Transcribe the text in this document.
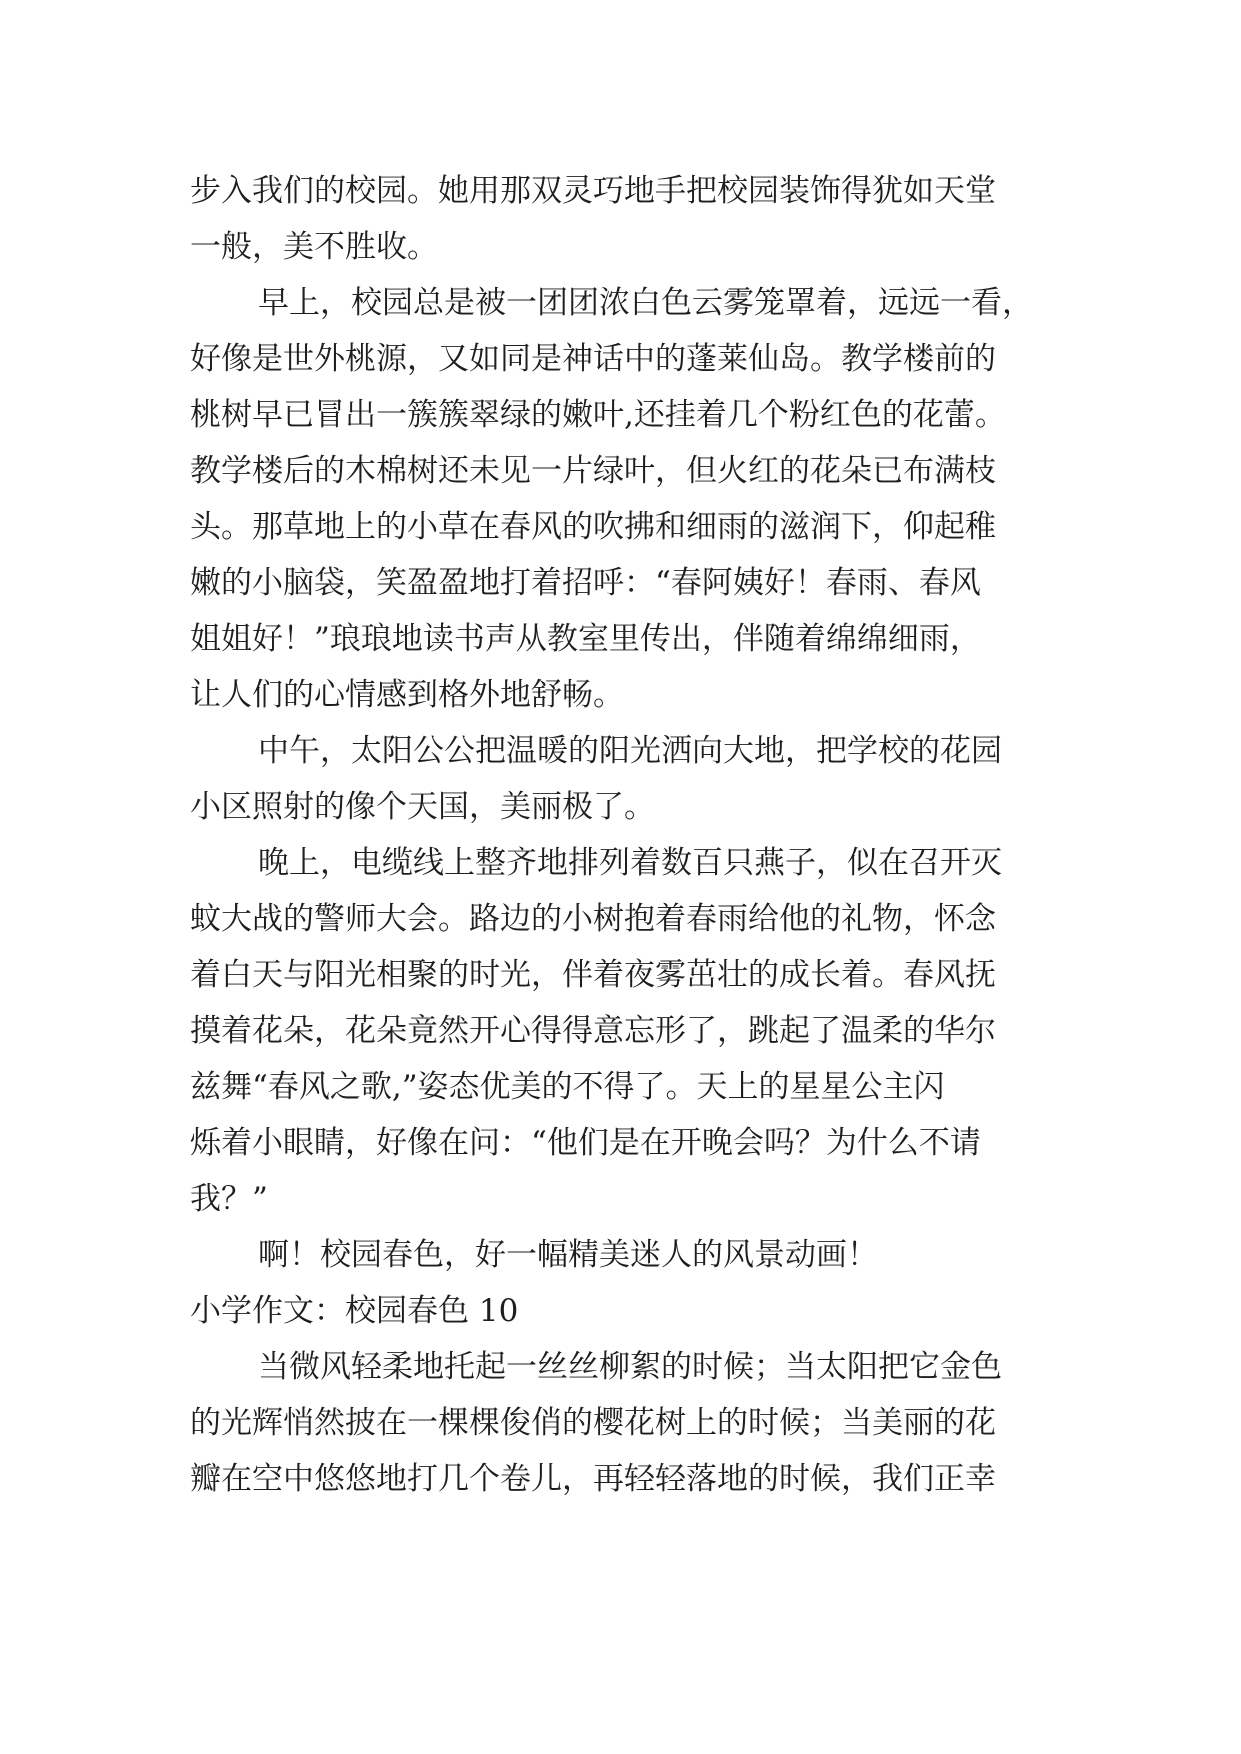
步入我们的校园。她用那双灵巧地手把校园装饰得犹如天堂
一般，美不胜收。
早上，校园总是被一团团浓白色云雾笼罩着，远远一看，
好像是世外桃源，又如同是神话中的蓬莱仙岛。教学楼前的
桃树早已冒出一簇簇翠绿的嫩叶,还挂着几个粉红色的花蕾。
教学楼后的木棉树还未见一片绿叶，但火红的花朵已布满枝
头。那草地上的小草在春风的吹拂和细雨的滋润下，仰起稚
嫩的小脑袋，笑盈盈地打着招呼：“春阿姨好！春雨、春风
姐姐好！”琅琅地读书声从教室里传出，伴随着绵绵细雨，
让人们的心情感到格外地舒畅。
中午，太阳公公把温暖的阳光洒向大地，把学校的花园
小区照射的像个天国，美丽极了。
晚上，电缆线上整齐地排列着数百只燕子，似在召开灭
蚊大战的警师大会。路边的小树抱着春雨给他的礼物，怀念
着白天与阳光相聚的时光，伴着夜雾茁壮的成长着。春风抚
摸着花朵，花朵竟然开心得得意忘形了，跳起了温柔的华尔
兹舞“春风之歌,”姿态优美的不得了。天上的星星公主闪
烁着小眼睛，好像在问：“他们是在开晚会吗？为什么不请
我？”
啊！校园春色，好一幅精美迷人的风景动画！
小学作文：校园春色 10
当微风轻柔地托起一丝丝柳絮的时候；当太阳把它金色
的光辉悄然披在一棵棵俊俏的樱花树上的时候；当美丽的花
瓣在空中悠悠地打几个卷儿，再轻轻落地的时候，我们正幸
